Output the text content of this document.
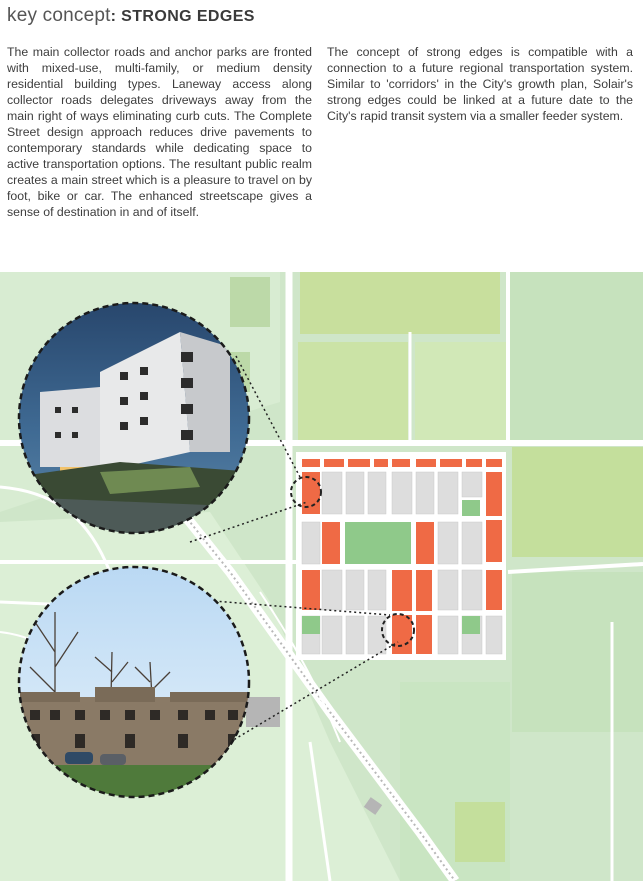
key concept: STRONG EDGES
The main collector roads and anchor parks are fronted with mixed-use, multi-family, or medium density residential building types. Laneway access along collector roads delegates driveways away from the main right of ways eliminating curb cuts. The Complete Street design approach reduces drive pavements to contemporary standards while dedicating space to active transportation options. The resultant public realm creates a main street which is a pleasure to travel on by foot, bike or car. The enhanced streetscape gives a sense of destination in and of itself.
The concept of strong edges is compatible with a connection to a future regional transportation system. Similar to 'corridors' in the City's growth plan, Solair's strong edges could be linked at a future date to the City's rapid transit system via a smaller feeder system.
